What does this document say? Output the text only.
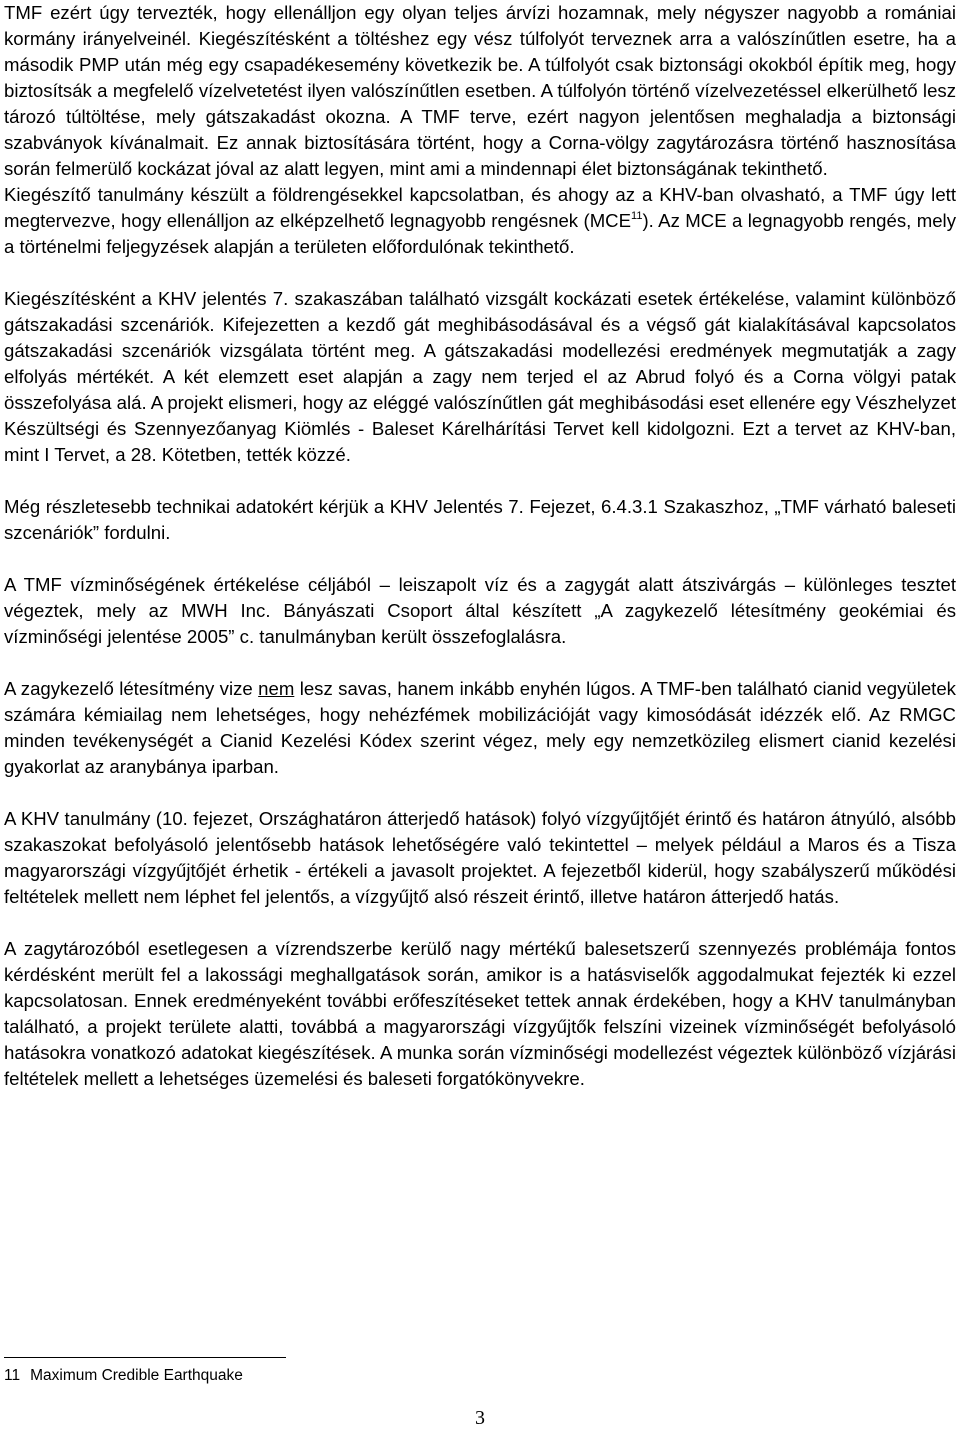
TMF ezért úgy tervezték, hogy ellenálljon egy olyan teljes árvízi hozamnak, mely négyszer nagyobb a romániai kormány irányelveinél. Kiegészítésként a töltéshez egy vész túlfolyót terveznek arra a valószínűtlen esetre, ha a második PMP után még egy csapadékesemény következik be. A túlfolyót csak biztonsági okokból építik meg, hogy biztosítsák a megfelelő vízelvetetést ilyen valószínűtlen esetben. A túlfolyón történő vízelvezetéssel elkerülhető lesz tározó túltöltése, mely gátszakadást okozna. A TMF terve, ezért nagyon jelentősen meghaladja a biztonsági szabványok kívánalmait. Ez annak biztosítására történt, hogy a Corna-völgy zagytározásra történő hasznosítása során felmerülő kockázat jóval az alatt legyen, mint ami a mindennapi élet biztonságának tekinthető.

Kiegészítő tanulmány készült a földrengésekkel kapcsolatban, és ahogy az a KHV-ban olvasható, a TMF úgy lett megtervezve, hogy ellenálljon az elképzelhető legnagyobb rengésnek (MCE$^{11}$). Az MCE a legnagyobb rengés, mely a történelmi feljegyzések alapján a területen előfordulónak tekinthető.

Kiegészítésként a KHV jelentés 7. szakaszában található vizsgált kockázati esetek értékelése, valamint különböző gátszakadási szcenáriók. Kifejezetten a kezdő gát meghibásodásával és a végső gát kialakításával kapcsolatos gátszakadási szcenáriók vizsgálata történt meg. A gátszakadási modellezési eredmények megmutatják a zagy elfolyás mértékét. A két elemzett eset alapján a zagy nem terjed el az Abrud folyó és a Corna völgyi patak összefolyása alá. A projekt elismeri, hogy az eléggé valószínűtlen gát meghibásodási eset ellenére egy Vészhelyzet Készültségi és Szennyezőanyag Kiömlés - Baleset Kárelhárítási Tervet kell kidolgozni. Ezt a tervet az KHV-ban, mint I Tervet, a 28. Kötetben, tették közzé.

Még részletesebb technikai adatokért kérjük a KHV Jelentés 7. Fejezet, 6.4.3.1 Szakaszhoz, „TMF várható baleseti szcenáriók” fordulni.

A TMF vízminőségének értékelése céljából – leiszapolt víz és a zagygát alatt átszivárgás – különleges tesztet végeztek, mely az MWH Inc. Bányászati Csoport által készített „A zagykezelő létesítmény geokémiai és vízminőségi jelentése 2005” c. tanulmányban került összefoglalásra.

A zagykezelő létesítmény vize nem lesz savas, hanem inkább enyhén lúgos. A TMF-ben található cianid vegyületek számára kémiailag nem lehetséges, hogy nehézfémek mobilizációját vagy kimosódását idézzék elő. Az RMGC minden tevékenységét a Cianid Kezelési Kódex szerint végez, mely egy nemzetközileg elismert cianid kezelési gyakorlat az aranybánya iparban.

A KHV tanulmány (10. fejezet, Országhatáron átterjedő hatások) folyó vízgyűjtőjét érintő és határon átnyúló, alsóbb szakaszokat befolyásoló jelentősebb hatások lehetőségére való tekintettel – melyek például a Maros és a Tisza magyarországi vízgyűjtőjét érhetik - értékeli a javasolt projektet. A fejezetből kiderül, hogy szabályszerű működési feltételek mellett nem léphet fel jelentős, a vízgyűjtő alsó részeit érintő, illetve határon átterjedő hatás.

A zagytározóból esetlegesen a vízrendszerbe kerülő nagy mértékű balesetszerű szennyezés problémája fontos kérdésként merült fel a lakossági meghallgatások során, amikor is a hatásviselők aggodalmukat fejezték ki ezzel kapcsolatosan. Ennek eredményeként további erőfeszítéseket tettek annak érdekében, hogy a KHV tanulmányban található, a projekt területe alatti, továbbá a magyarországi vízgyűjtők felszíni vizeinek vízminőségét befolyásoló hatásokra vonatkozó adatokat kiegészítések. A munka során vízminőségi modellezést végeztek különböző vízjárási feltételek mellett a lehetséges üzemelési és baleseti forgatókönyvekre.

11 Maximum Credible Earthquake
3
